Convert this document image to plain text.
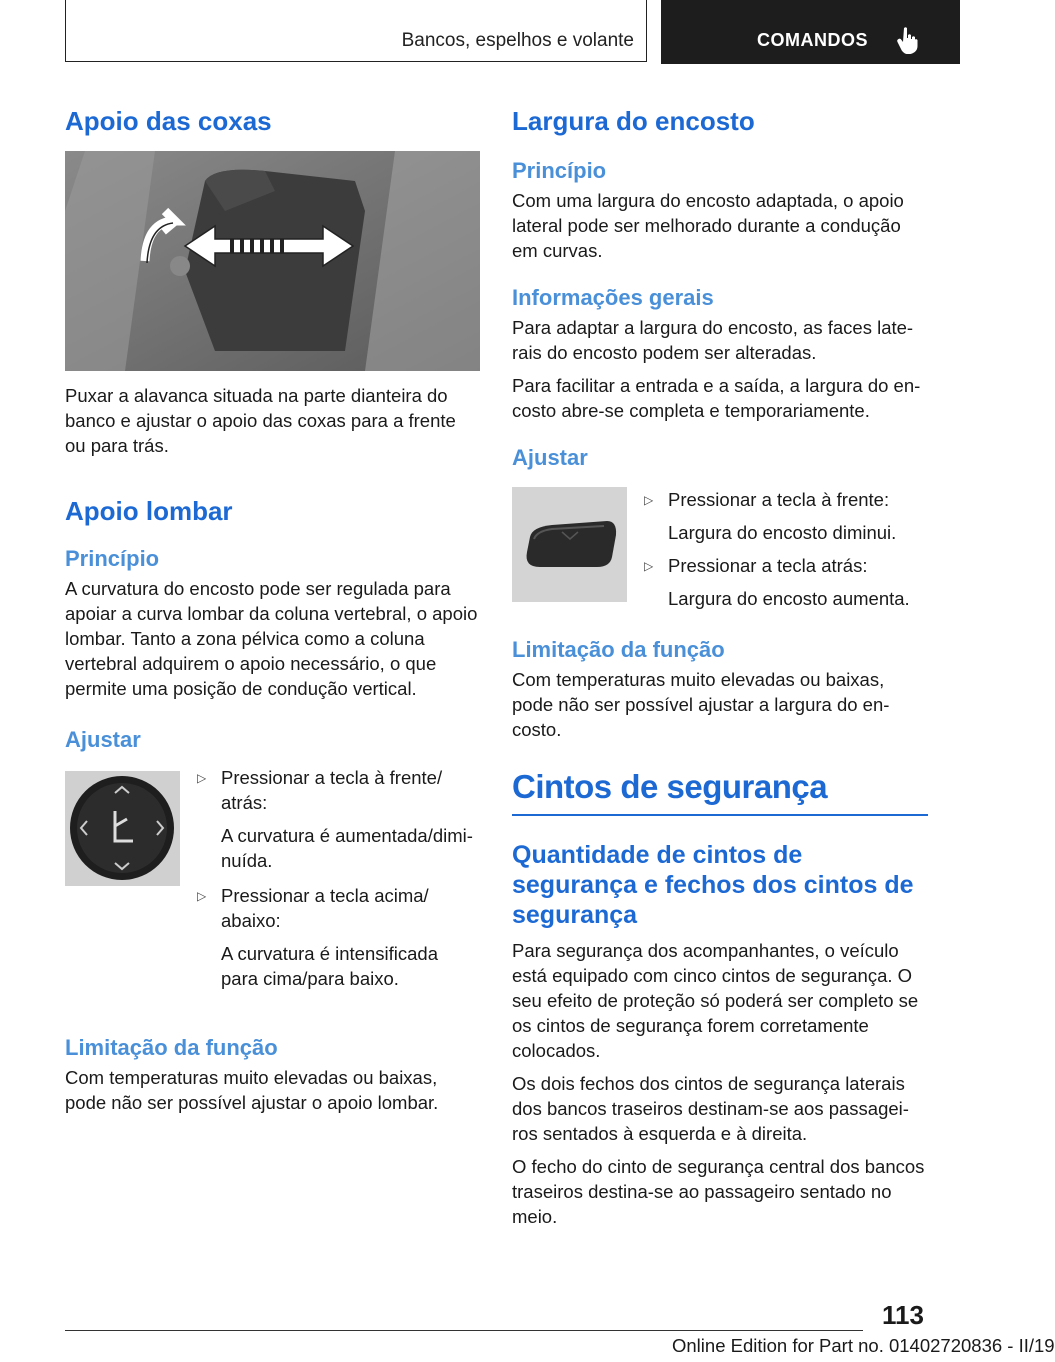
Bancos, espelhos e volante	COMANDOS
Apoio das coxas

Puxar a alavanca situada na parte dianteira do banco e ajustar o apoio das coxas para a frente ou para trás.

Apoio lombar
Princípio

A curvatura do encosto pode ser regulada para apoiar a curva lombar da coluna vertebral, o apoio lombar. Tanto a zona pélvica como a coluna vertebral adquirem o apoio necessário, o que permite uma posição de condução vertical.

Ajustar
▷ Pressionar a tecla à frente/ atrás:

A curvatura é aumentada/diminuída.

▷ Pressionar a tecla acima/ abaixo:

A curvatura é intensificada para cima/para baixo.

Limitação da função

Com temperaturas muito elevadas ou baixas, pode não ser possível ajustar o apoio lombar.

Largura do encosto
Princípio

Com uma largura do encosto adaptada, o apoio lateral pode ser melhorado durante a condução em curvas.

Informações gerais

Para adaptar a largura do encosto, as faces laterais do encosto podem ser alteradas.

Para facilitar a entrada e a saída, a largura do encosto abre-se completa e temporariamente.

Ajustar
▷ Pressionar a tecla à frente:

Largura do encosto diminui.

▷ Pressionar a tecla atrás:

Largura do encosto aumenta.

Limitação da função

Com temperaturas muito elevadas ou baixas, pode não ser possível ajustar a largura do encosto.

Cintos de segurança
Quantidade de cintos de segurança e fechos dos cintos de segurança

Para segurança dos acompanhantes, o veículo está equipado com cinco cintos de segurança. O seu efeito de proteção só poderá ser completo se os cintos de segurança forem corretamente colocados.

Os dois fechos dos cintos de segurança laterais dos bancos traseiros destinam-se aos passageiros sentados à esquerda e à direita.

O fecho do cinto de segurança central dos bancos traseiros destina-se ao passageiro sentado no meio.

113
Online Edition for Part no. 01402720836 - II/19
